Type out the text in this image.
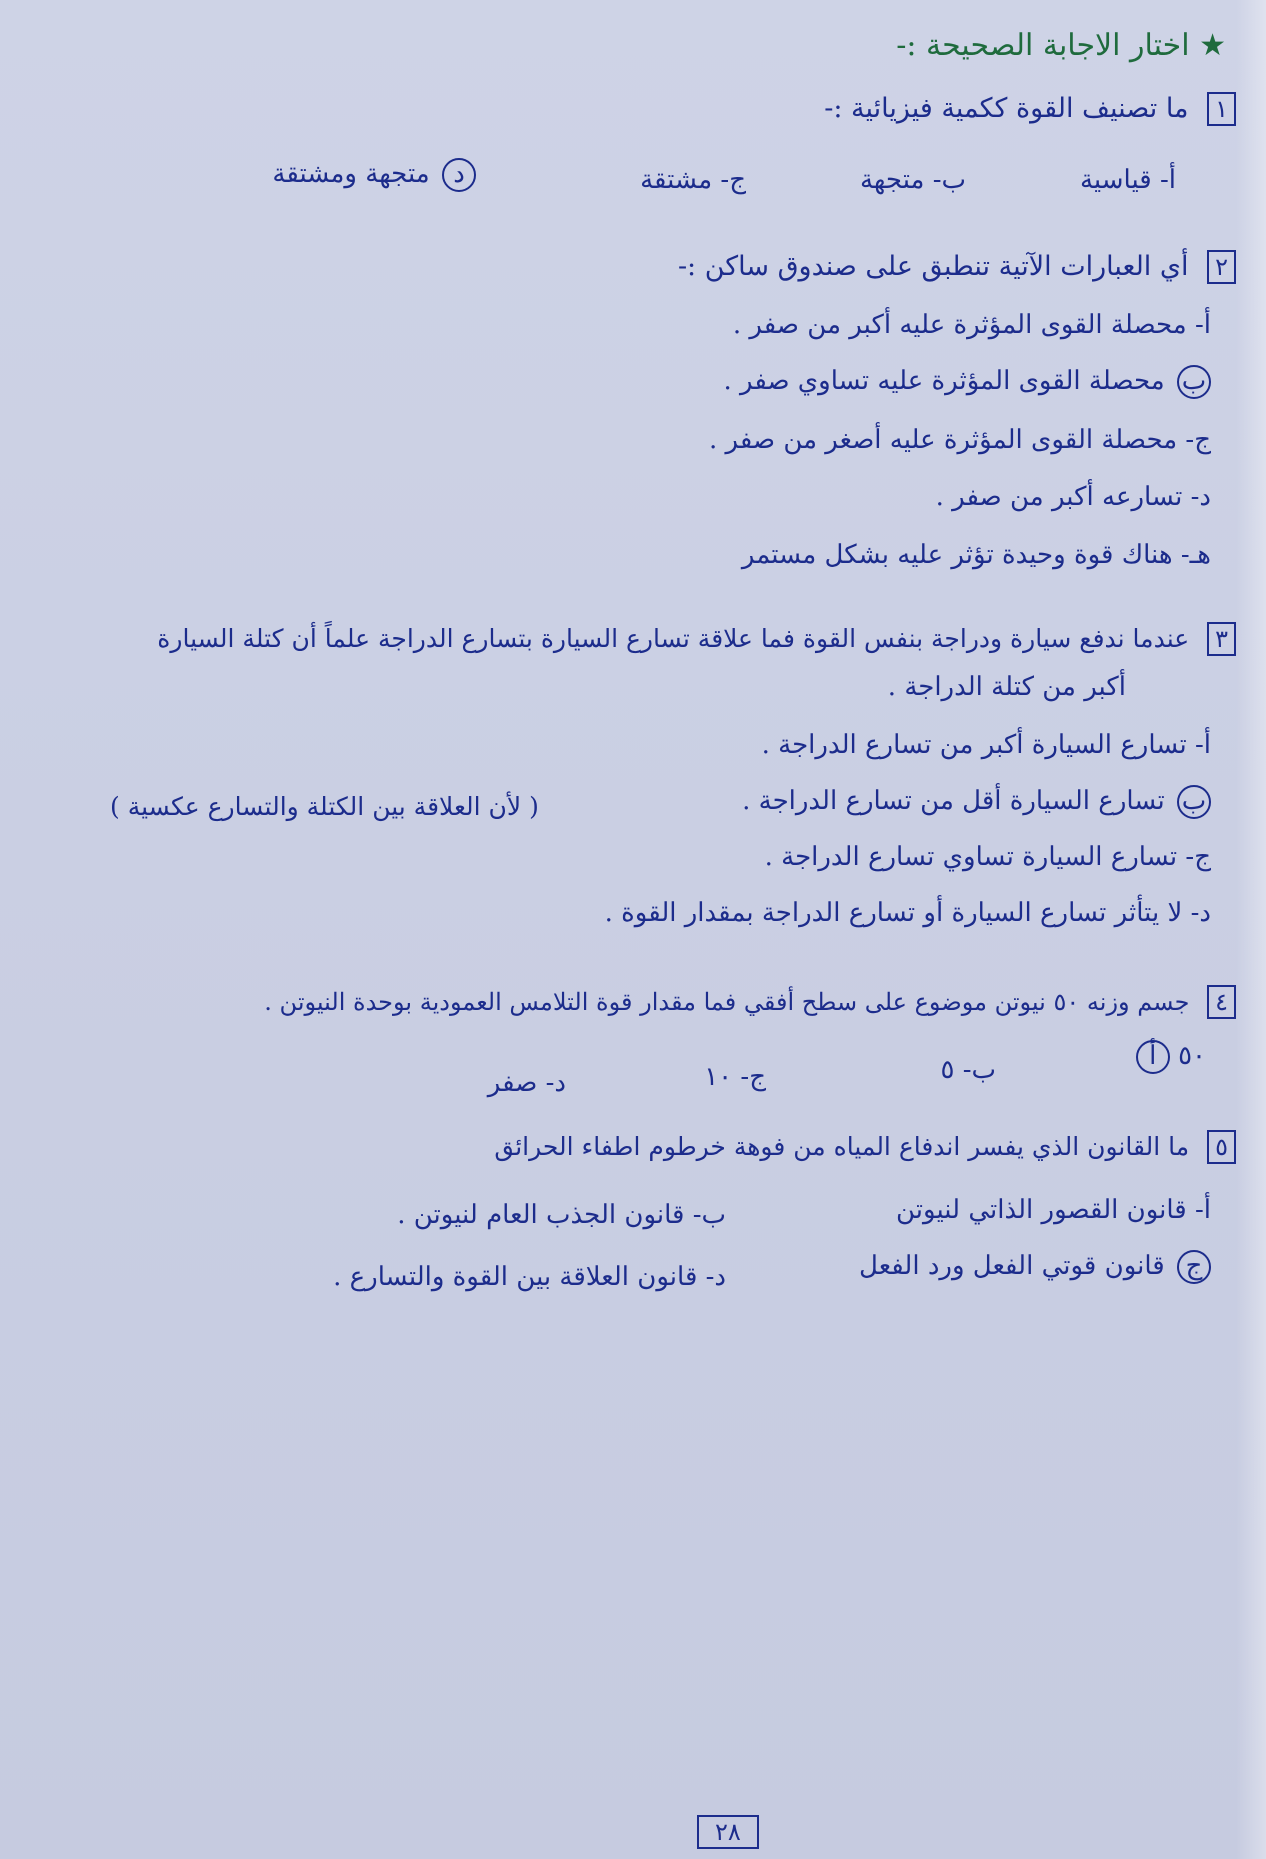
★ اختار الاجابة الصحيحة :-
١ ما تصنيف القوة ككمية فيزيائية :-
أ- قياسية
ب- متجهة
ج- مشتقة
د متجهة ومشتقة
٢ أي العبارات الآتية تنطبق على صندوق ساكن :-
أ- محصلة القوى المؤثرة عليه أكبر من صفر .
ب محصلة القوى المؤثرة عليه تساوي صفر .
ج- محصلة القوى المؤثرة عليه أصغر من صفر .
د- تسارعه أكبر من صفر .
هـ- هناك قوة وحيدة تؤثر عليه بشكل مستمر
٣ عندما ندفع سيارة ودراجة بنفس القوة فما علاقة تسارع السيارة بتسارع الدراجة علماً أن كتلة السيارة
أكبر من كتلة الدراجة .
أ- تسارع السيارة أكبر من تسارع الدراجة .
ب تسارع السيارة أقل من تسارع الدراجة .
( لأن العلاقة بين الكتلة والتسارع عكسية )
ج- تسارع السيارة تساوي تسارع الدراجة .
د- لا يتأثر تسارع السيارة أو تسارع الدراجة بمقدار القوة .
٤ جسم وزنه ٥٠ نيوتن موضوع على سطح أفقي فما مقدار قوة التلامس العمودية بوحدة النيوتن .
أ ٥٠
ب- ٥
ج- ١٠
د- صفر
٥ ما القانون الذي يفسر اندفاع المياه من فوهة خرطوم اطفاء الحرائق
أ- قانون القصور الذاتي لنيوتن
ب- قانون الجذب العام لنيوتن .
ج قانون قوتي الفعل ورد الفعل
د- قانون العلاقة بين القوة والتسارع .
٢٨
